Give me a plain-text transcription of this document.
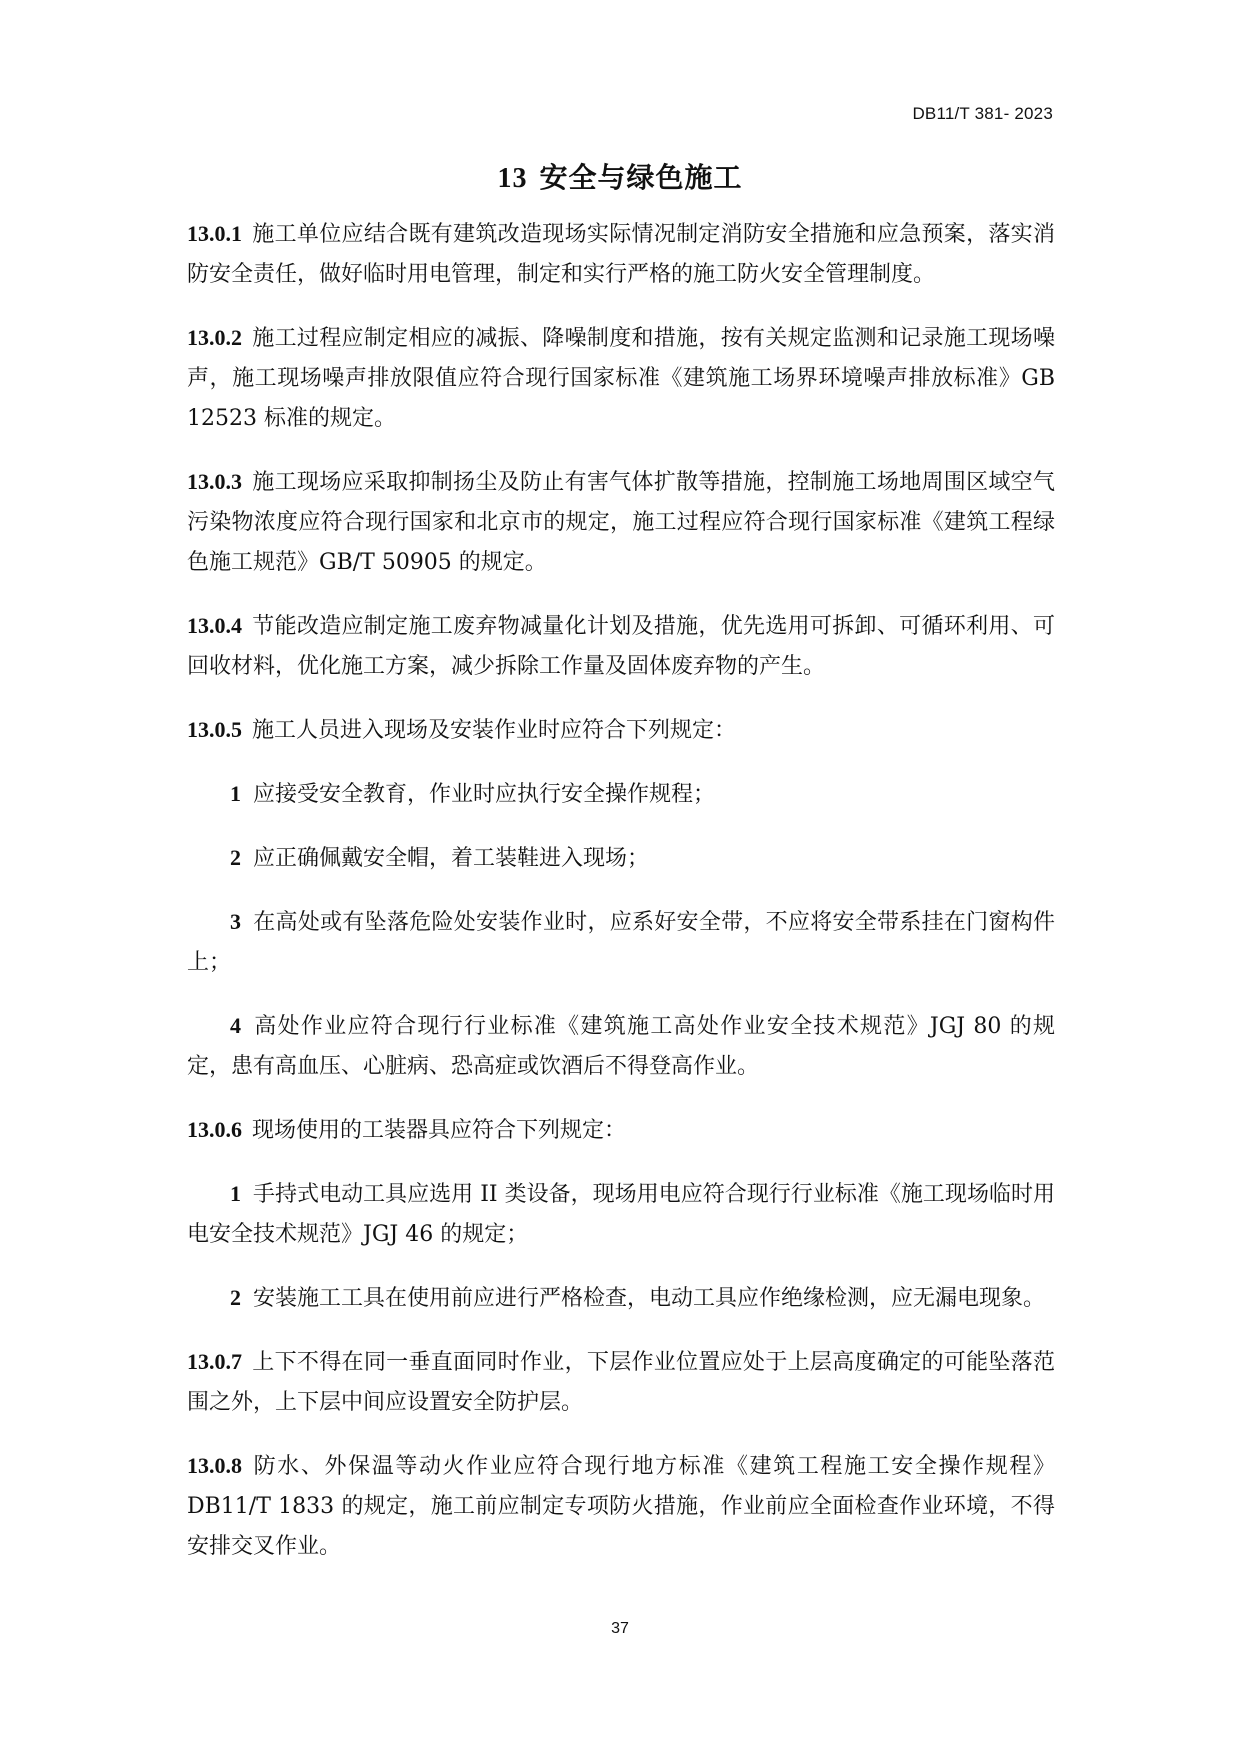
DB11/T 381- 2023
13 安全与绿色施工

13.0.1 施工单位应结合既有建筑改造现场实际情况制定消防安全措施和应急预案，落实消防安全责任，做好临时用电管理，制定和实行严格的施工防火安全管理制度。

13.0.2 施工过程应制定相应的减振、降噪制度和措施，按有关规定监测和记录施工现场噪声，施工现场噪声排放限值应符合现行国家标准《建筑施工场界环境噪声排放标准》GB 12523 标准的规定。

13.0.3 施工现场应采取抑制扬尘及防止有害气体扩散等措施，控制施工场地周围区域空气污染物浓度应符合现行国家和北京市的规定，施工过程应符合现行国家标准《建筑工程绿色施工规范》GB/T 50905 的规定。

13.0.4 节能改造应制定施工废弃物减量化计划及措施，优先选用可拆卸、可循环利用、可回收材料，优化施工方案，减少拆除工作量及固体废弃物的产生。

13.0.5 施工人员进入现场及安装作业时应符合下列规定：

1 应接受安全教育，作业时应执行安全操作规程；

2 应正确佩戴安全帽，着工装鞋进入现场；

3 在高处或有坠落危险处安装作业时，应系好安全带，不应将安全带系挂在门窗构件上；

4 高处作业应符合现行行业标准《建筑施工高处作业安全技术规范》JGJ 80 的规定，患有高血压、心脏病、恐高症或饮酒后不得登高作业。

13.0.6 现场使用的工装器具应符合下列规定：

1 手持式电动工具应选用 II 类设备，现场用电应符合现行行业标准《施工现场临时用电安全技术规范》JGJ 46 的规定；

2 安装施工工具在使用前应进行严格检查，电动工具应作绝缘检测，应无漏电现象。

13.0.7 上下不得在同一垂直面同时作业，下层作业位置应处于上层高度确定的可能坠落范围之外，上下层中间应设置安全防护层。

13.0.8 防水、外保温等动火作业应符合现行地方标准《建筑工程施工安全操作规程》DB11/T 1833 的规定，施工前应制定专项防火措施，作业前应全面检查作业环境，不得安排交叉作业。

37
